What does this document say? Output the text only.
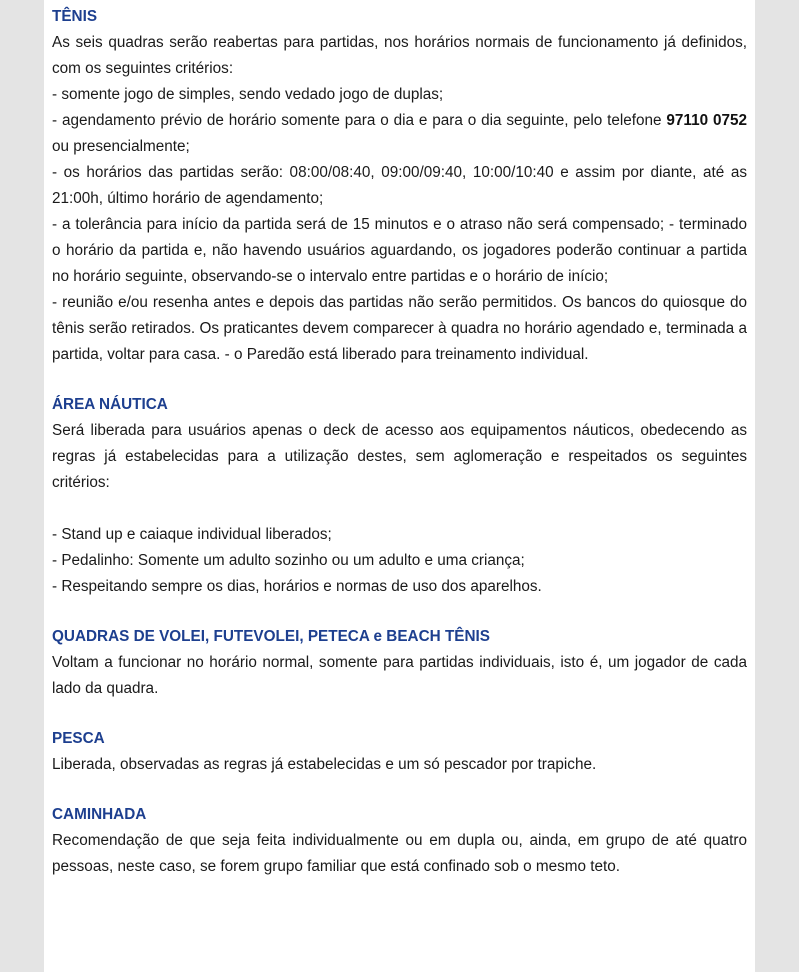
TÊNIS

As seis quadras serão reabertas para partidas, nos horários normais de funcionamento já definidos, com os seguintes critérios:

- somente jogo de simples, sendo vedado jogo de duplas;

- agendamento prévio de horário somente para o dia e para o dia seguinte, pelo telefone 97110 0752 ou presencialmente;

- os horários das partidas serão: 08:00/08:40, 09:00/09:40, 10:00/10:40 e assim por diante, até as 21:00h, último horário de agendamento;

- a tolerância para início da partida será de 15 minutos e o atraso não será compensado; - terminado o horário da partida e, não havendo usuários aguardando, os jogadores poderão continuar a partida no horário seguinte, observando-se o intervalo entre partidas e o horário de início;

- reunião e/ou resenha antes e depois das partidas não serão permitidos. Os bancos do quiosque do tênis serão retirados. Os praticantes devem comparecer à quadra no horário agendado e, terminada a partida, voltar para casa. - o Paredão está liberado para treinamento individual.

ÁREA NÁUTICA

Será liberada para usuários apenas o deck de acesso aos equipamentos náuticos, obedecendo as regras já estabelecidas para a utilização destes, sem aglomeração e respeitados os seguintes critérios:

- Stand up e caiaque individual liberados;

- Pedalinho: Somente um adulto sozinho ou um adulto e uma criança;

- Respeitando sempre os dias, horários e normas de uso dos aparelhos.

QUADRAS DE VOLEI, FUTEVOLEI, PETECA e BEACH TÊNIS

Voltam a funcionar no horário normal, somente para partidas individuais, isto é, um jogador de cada lado da quadra.

PESCA

Liberada, observadas as regras já estabelecidas e um só pescador por trapiche.

CAMINHADA

Recomendação de que seja feita individualmente ou em dupla ou, ainda, em grupo de até quatro pessoas, neste caso, se forem grupo familiar que está confinado sob o mesmo teto.
